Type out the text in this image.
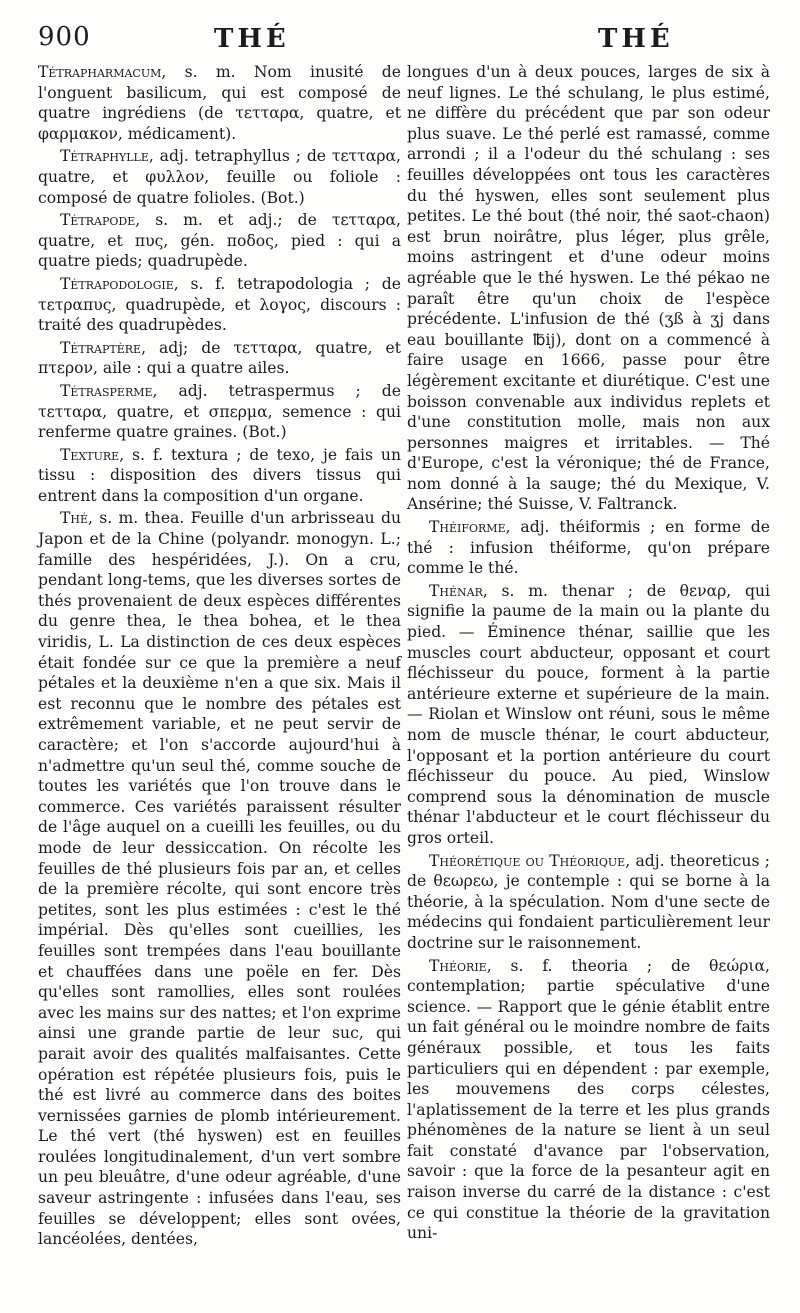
900	THÉ	THÉ

Tétrapharmacum, s. m. Nom inusité de l'onguent basilicum, qui est composé de quatre ingrédiens (de τετταρα, quatre, et φαρμακον, médicament).

Tétraphylle, adj. tetraphyllus ; de τετταρα, quatre, et φυλλον, feuille ou foliole : composé de quatre folioles. (Bot.)

Tétrapode, s. m. et adj.; de τετταρα, quatre, et πυς, gén. ποδος, pied : qui a quatre pieds; quadrupède.

Tétrapodologie, s. f. tetrapodologia ; de τετραπυς, quadrupède, et λογος, discours : traité des quadrupèdes.

Tétraptère, adj; de τετταρα, quatre, et πτερον, aile : qui a quatre ailes.

Tétrasperme, adj. tetraspermus ; de τετταρα, quatre, et σπερμα, semence : qui renferme quatre graines. (Bot.)

Texture, s. f. textura ; de texo, je fais un tissu : disposition des divers tissus qui entrent dans la composition d'un organe.

Thé, s. m. thea. Feuille d'un arbrisseau du Japon et de la Chine (polyandr. monogyn. L.; famille des hespéridées, J.). On a cru, pendant long-tems, que les diverses sortes de thés provenaient de deux espèces différentes du genre thea, le thea bohea, et le thea viridis, L. La distinction de ces deux espèces était fondée sur ce que la première a neuf pétales et la deuxième n'en a que six. Mais il est reconnu que le nombre des pétales est extrêmement variable, et ne peut servir de caractère; et l'on s'accorde aujourd'hui à n'admettre qu'un seul thé, comme souche de toutes les variétés que l'on trouve dans le commerce. Ces variétés paraissent résulter de l'âge auquel on a cueilli les feuilles, ou du mode de leur dessiccation. On récolte les feuilles de thé plusieurs fois par an, et celles de la première récolte, qui sont encore très petites, sont les plus estimées : c'est le thé impérial. Dès qu'elles sont cueillies, les feuilles sont trempées dans l'eau bouillante et chauffées dans une poële en fer. Dès qu'elles sont ramollies, elles sont roulées avec les mains sur des nattes; et l'on exprime ainsi une grande partie de leur suc, qui parait avoir des qualités malfaisantes. Cette opération est répétée plusieurs fois, puis le thé est livré au commerce dans des boites vernissées garnies de plomb intérieurement. Le thé vert (thé hyswen) est en feuilles roulées longitudinalement, d'un vert sombre un peu bleuâtre, d'une odeur agréable, d'une saveur astringente : infusées dans l'eau, ses feuilles se développent; elles sont ovées, lancéolées, dentées,

longues d'un à deux pouces, larges de six à neuf lignes. Le thé schulang, le plus estimé, ne diffère du précédent que par son odeur plus suave. Le thé perlé est ramassé, comme arrondi ; il a l'odeur du thé schulang : ses feuilles développées ont tous les caractères du thé hyswen, elles sont seulement plus petites. Le thé bout (thé noir, thé saot-chaon) est brun noirâtre, plus léger, plus grêle, moins astringent et d'une odeur moins agréable que le thé hyswen. Le thé pékao ne paraît être qu'un choix de l'espèce précédente. L'infusion de thé (ʒß à ʒj dans eau bouillante ℔ij), dont on a commencé à faire usage en 1666, passe pour être légèrement excitante et diurétique. C'est une boisson convenable aux individus replets et d'une constitution molle, mais non aux personnes maigres et irritables. — Thé d'Europe, c'est la véronique; thé de France, nom donné à la sauge; thé du Mexique, V. Ansérine; thé Suisse, V. Faltranck.

Théiforme, adj. théiformis ; en forme de thé : infusion théiforme, qu'on prépare comme le thé.

Thénar, s. m. thenar ; de θεναρ, qui signifie la paume de la main ou la plante du pied. — Éminence thénar, saillie que les muscles court abducteur, opposant et court fléchisseur du pouce, forment à la partie antérieure externe et supérieure de la main. — Riolan et Winslow ont réuni, sous le même nom de muscle thénar, le court abducteur, l'opposant et la portion antérieure du court fléchisseur du pouce. Au pied, Winslow comprend sous la dénomination de muscle thénar l'abducteur et le court fléchisseur du gros orteil.

Théorétique ou Théorique, adj. theoreticus ; de θεωρεω, je contemple : qui se borne à la théorie, à la spéculation. Nom d'une secte de médecins qui fondaient particulièrement leur doctrine sur le raisonnement.

Théorie, s. f. theoria ; de θεώρια, contemplation; partie spéculative d'une science. — Rapport que le génie établit entre un fait général ou le moindre nombre de faits généraux possible, et tous les faits particuliers qui en dépendent : par exemple, les mouvemens des corps célestes, l'aplatissement de la terre et les plus grands phénomènes de la nature se lient à un seul fait constaté d'avance par l'observation, savoir : que la force de la pesanteur agit en raison inverse du carré de la distance : c'est ce qui constitue la théorie de la gravitation uni-
